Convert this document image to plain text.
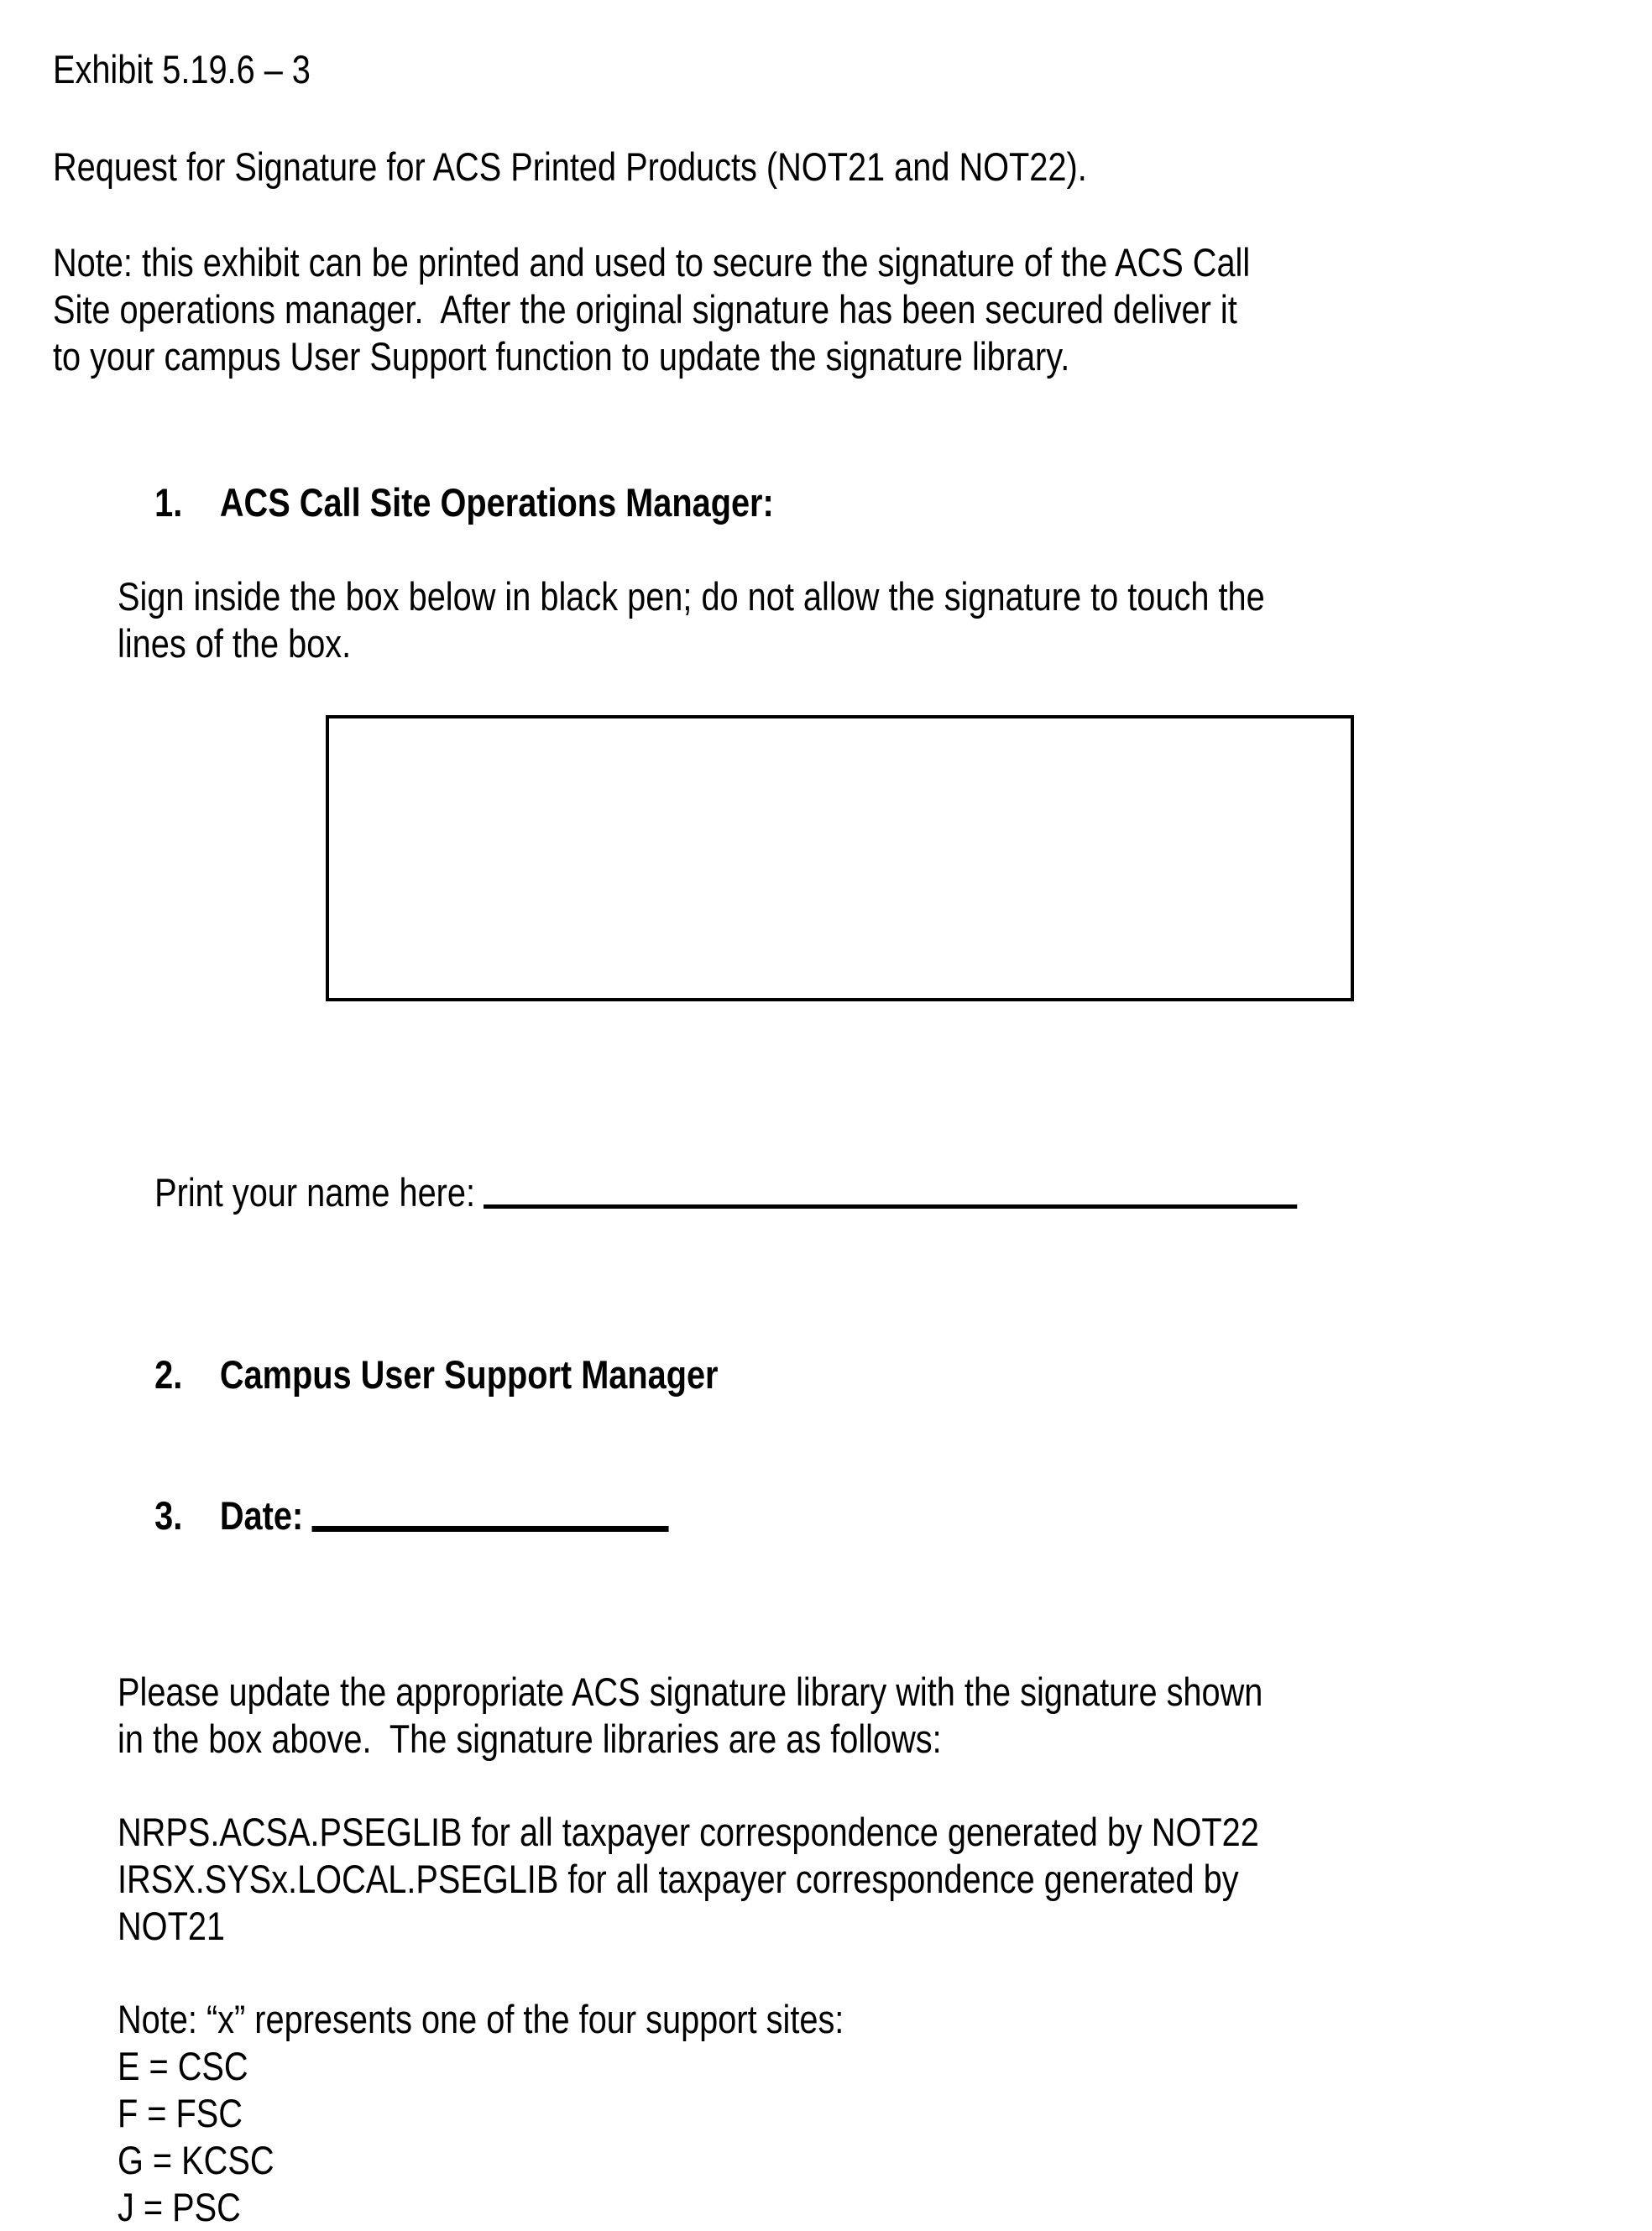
Exhibit 5.19.6 – 3
Request for Signature for ACS Printed Products (NOT21 and NOT22).
Note: this exhibit can be printed and used to secure the signature of the ACS Call
Site operations manager.  After the original signature has been secured deliver it
to your campus User Support function to update the signature library.

1. ACS Call Site Operations Manager:

Sign inside the box below in black pen; do not allow the signature to touch the
lines of the box.

Print your name here:

2. Campus User Support Manager

3. Date:

Please update the appropriate ACS signature library with the signature shown
in the box above.  The signature libraries are as follows:
NRPS.ACSA.PSEGLIB for all taxpayer correspondence generated by NOT22
IRSX.SYSx.LOCAL.PSEGLIB for all taxpayer correspondence generated by
NOT21
Note: “x” represents one of the four support sites:
E = CSC
F = FSC
G = KCSC
J = PSC
